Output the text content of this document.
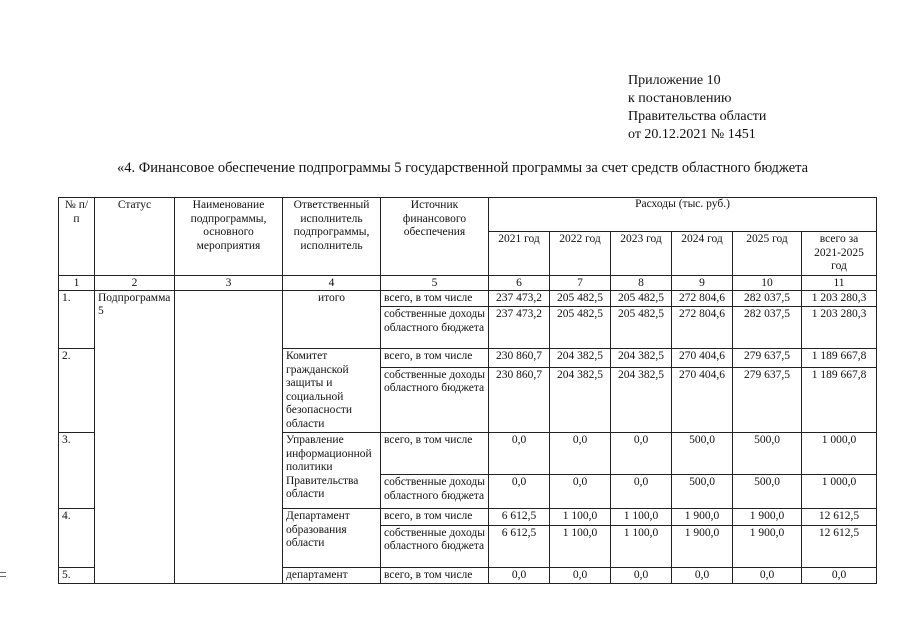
Приложение 10
к постановлению
Правительства области
от 20.12.2021 № 1451
«4. Финансовое обеспечение подпрограммы 5 государственной программы за счет средств областного бюджета
№ п/п	Статус	Наименование подпрограммы, основного мероприятия	Ответственный исполнитель подпрограммы, исполнитель	Источник финансового обеспечения	Расходы (тыс. руб.)					
					2021 год	2022 год	2023 год	2024 год	2025 год	всего за 2021-2025 год
1	2	3	4	5	6	7	8	9	10	11
1.	Подпрограмма 5		итого	всего, в том числе	237 473,2	205 482,5	205 482,5	272 804,6	282 037,5	1 203 280,3
				собственные доходы областного бюджета	237 473,2	205 482,5	205 482,5	272 804,6	282 037,5	1 203 280,3
2.			Комитет гражданской защиты и социальной безопасности области	всего, в том числе	230 860,7	204 382,5	204 382,5	270 404,6	279 637,5	1 189 667,8
				собственные доходы областного бюджета	230 860,7	204 382,5	204 382,5	270 404,6	279 637,5	1 189 667,8
3.			Управление информационной политики Правительства области	всего, в том числе	0,0	0,0	0,0	500,0	500,0	1 000,0
				собственные доходы областного бюджета	0,0	0,0	0,0	500,0	500,0	1 000,0
4.			Департамент образования области	всего, в том числе	6 612,5	1 100,0	1 100,0	1 900,0	1 900,0	12 612,5
				собственные доходы областного бюджета	6 612,5	1 100,0	1 100,0	1 900,0	1 900,0	12 612,5
5.			департамент	всего, в том числе	0,0	0,0	0,0	0,0	0,0	0,0
